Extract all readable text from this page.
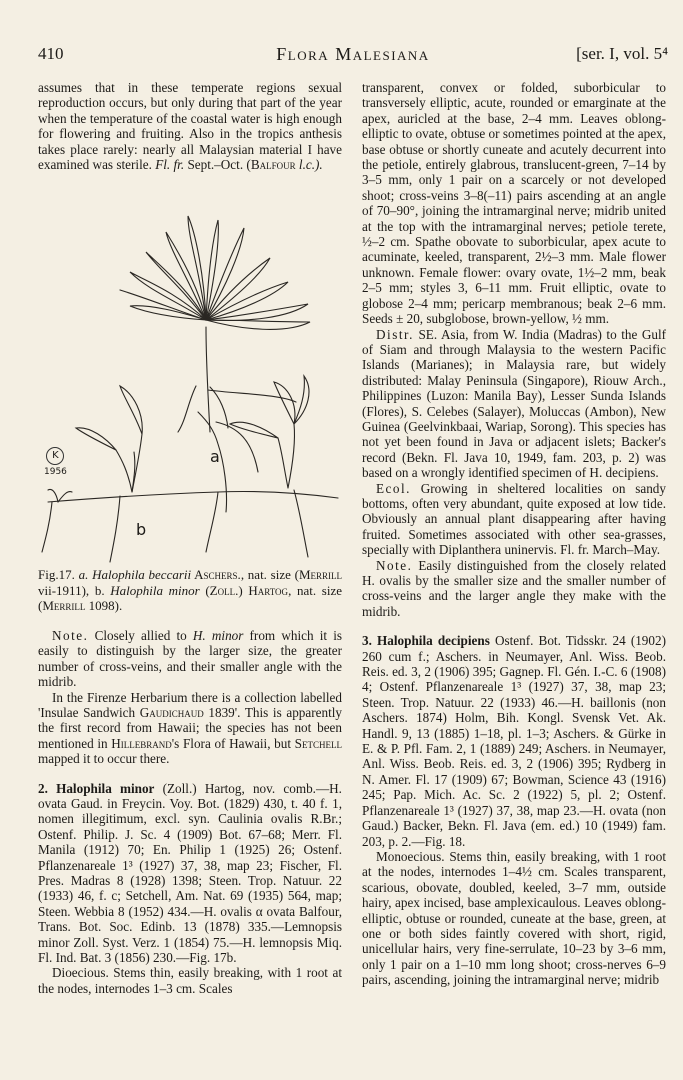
410	Flora Malesiana	[ser. I, vol. 5⁴

assumes that in these temperate regions sexual reproduction occurs, but only during that part of the year when the temperature of the coastal water is high enough for flowering and fruiting. Also in the tropics anthesis takes place rarely: nearly all Malaysian material I have examined was sterile. Fl. fr. Sept.–Oct. (Balfour l.c.).

a
K
1956
b

Fig.17. a. Halophila beccarii Aschers., nat. size (Merrill vii-1911), b. Halophila minor (Zoll.) Hartog, nat. size (Merrill 1098).

Note. Closely allied to H. minor from which it is easily to distinguish by the larger size, the greater number of cross-veins, and their smaller angle with the midrib.

In the Firenze Herbarium there is a collection labelled 'Insulae Sandwich Gaudichaud 1839'. This is apparently the first record from Hawaii; the species has not been mentioned in Hillebrand's Flora of Hawaii, but Setchell mapped it to occur there.

2. Halophila minor (Zoll.) Hartog, nov. comb.—H. ovata Gaud. in Freycin. Voy. Bot. (1829) 430, t. 40 f. 1, nomen illegitimum, excl. syn. Caulinia ovalis R.Br.; Ostenf. Philip. J. Sc. 4 (1909) Bot. 67–68; Merr. Fl. Manila (1912) 70; En. Philip 1 (1925) 26; Ostenf. Pflanzenareale 1³ (1927) 37, 38, map 23; Fischer, Fl. Pres. Madras 8 (1928) 1398; Steen. Trop. Natuur. 22 (1933) 46, f. c; Setchell, Am. Nat. 69 (1935) 564, map; Steen. Webbia 8 (1952) 434.—H. ovalis α ovata Balfour, Trans. Bot. Soc. Edinb. 13 (1878) 335.—Lemnopsis minor Zoll. Syst. Verz. 1 (1854) 75.—H. lemnopsis Miq. Fl. Ind. Bat. 3 (1856) 230.—Fig. 17b.

Dioecious. Stems thin, easily breaking, with 1 root at the nodes, internodes 1–3 cm. Scales

transparent, convex or folded, suborbicular to transversely elliptic, acute, rounded or emarginate at the apex, auricled at the base, 2–4 mm. Leaves oblong-elliptic to ovate, obtuse or sometimes pointed at the apex, base obtuse or shortly cuneate and acutely decurrent into the petiole, entirely glabrous, translucent-green, 7–14 by 3–5 mm, only 1 pair on a scarcely or not developed shoot; cross-veins 3–8(–11) pairs ascending at an angle of 70–90°, joining the intramarginal nerve; midrib united at the top with the intramarginal nerves; petiole terete, ½–2 cm. Spathe obovate to suborbicular, apex acute to acuminate, keeled, transparent, 2½–3 mm. Male flower unknown. Female flower: ovary ovate, 1½–2 mm, beak 2–5 mm; styles 3, 6–11 mm. Fruit elliptic, ovate to globose 2–4 mm; pericarp membranous; beak 2–6 mm. Seeds ± 20, subglobose, brown-yellow, ½ mm.

Distr. SE. Asia, from W. India (Madras) to the Gulf of Siam and through Malaysia to the western Pacific Islands (Marianes); in Malaysia rare, but widely distributed: Malay Peninsula (Singapore), Riouw Arch., Philippines (Luzon: Manila Bay), Lesser Sunda Islands (Flores), S. Celebes (Salayer), Moluccas (Ambon), New Guinea (Geelvinkbaai, Wariap, Sorong). This species has not yet been found in Java or adjacent islets; Backer's record (Bekn. Fl. Java 10, 1949, fam. 203, p. 2) was based on a wrongly identified specimen of H. decipiens.

Ecol. Growing in sheltered localities on sandy bottoms, often very abundant, quite exposed at low tide. Obviously an annual plant disappearing after having fruited. Sometimes associated with other sea-grasses, specially with Diplanthera uninervis. Fl. fr. March–May.

Note. Easily distinguished from the closely related H. ovalis by the smaller size and the smaller number of cross-veins and the larger angle they make with the midrib.

3. Halophila decipiens Ostenf. Bot. Tidsskr. 24 (1902) 260 cum f.; Aschers. in Neumayer, Anl. Wiss. Beob. Reis. ed. 3, 2 (1906) 395; Gagnep. Fl. Gén. I.-C. 6 (1908) 4; Ostenf. Pflanzenareale 1³ (1927) 37, 38, map 23; Steen. Trop. Natuur. 22 (1933) 46.—H. baillonis (non Aschers. 1874) Holm, Bih. Kongl. Svensk Vet. Ak. Handl. 9, 13 (1885) 1–18, pl. 1–3; Aschers. & Gürke in E. & P. Pfl. Fam. 2, 1 (1889) 249; Aschers. in Neumayer, Anl. Wiss. Beob. Reis. ed. 3, 2 (1906) 395; Rydberg in N. Amer. Fl. 17 (1909) 67; Bowman, Science 43 (1916) 245; Pap. Mich. Ac. Sc. 2 (1922) 5, pl. 2; Ostenf. Pflanzenareale 1³ (1927) 37, 38, map 23.—H. ovata (non Gaud.) Backer, Bekn. Fl. Java (em. ed.) 10 (1949) fam. 203, p. 2.—Fig. 18.

Monoecious. Stems thin, easily breaking, with 1 root at the nodes, internodes 1–4½ cm. Scales transparent, scarious, obovate, doubled, keeled, 3–7 mm, outside hairy, apex incised, base amplexicaulous. Leaves oblong-elliptic, obtuse or rounded, cuneate at the base, green, at one or both sides faintly covered with short, rigid, unicellular hairs, very fine-serrulate, 10–23 by 3–6 mm, only 1 pair on a 1–10 mm long shoot; cross-nerves 6–9 pairs, ascending, joining the intramarginal nerve; midrib
